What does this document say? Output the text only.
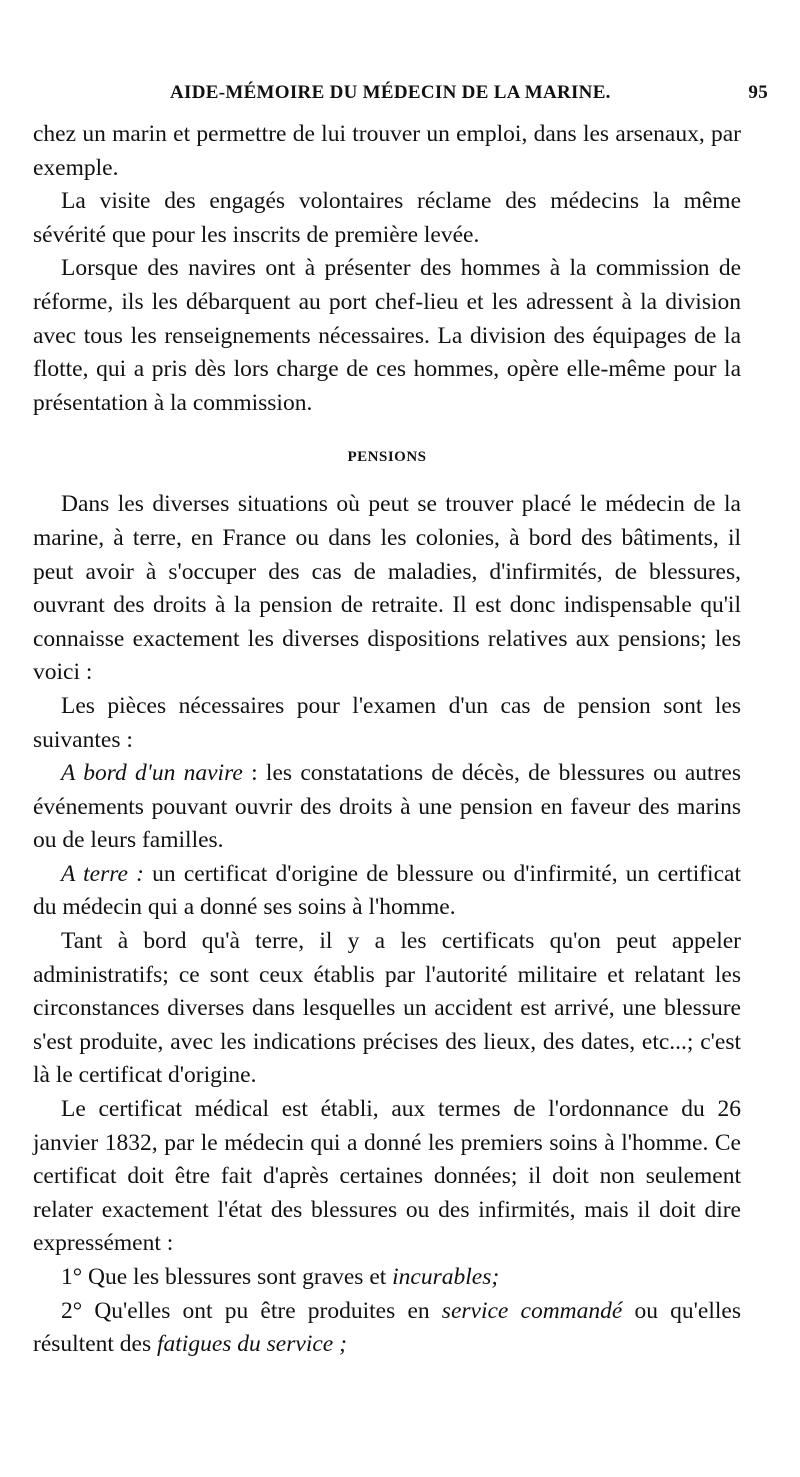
AIDE-MÉMOIRE DU MÉDECIN DE LA MARINE.	95

chez un marin et permettre de lui trouver un emploi, dans les arsenaux, par exemple.

La visite des engagés volontaires réclame des médecins la même sévérité que pour les inscrits de première levée.

Lorsque des navires ont à présenter des hommes à la commission de réforme, ils les débarquent au port chef-lieu et les adressent à la division avec tous les renseignements nécessaires. La division des équipages de la flotte, qui a pris dès lors charge de ces hommes, opère elle-même pour la présentation à la commission.

PENSIONS

Dans les diverses situations où peut se trouver placé le médecin de la marine, à terre, en France ou dans les colonies, à bord des bâtiments, il peut avoir à s'occuper des cas de maladies, d'infirmités, de blessures, ouvrant des droits à la pension de retraite. Il est donc indispensable qu'il connaisse exactement les diverses dispositions relatives aux pensions; les voici :

Les pièces nécessaires pour l'examen d'un cas de pension sont les suivantes :

A bord d'un navire : les constatations de décès, de blessures ou autres événements pouvant ouvrir des droits à une pension en faveur des marins ou de leurs familles.

A terre : un certificat d'origine de blessure ou d'infirmité, un certificat du médecin qui a donné ses soins à l'homme.

Tant à bord qu'à terre, il y a les certificats qu'on peut appeler administratifs; ce sont ceux établis par l'autorité militaire et relatant les circonstances diverses dans lesquelles un accident est arrivé, une blessure s'est produite, avec les indications précises des lieux, des dates, etc...; c'est là le certificat d'origine.

Le certificat médical est établi, aux termes de l'ordonnance du 26 janvier 1832, par le médecin qui a donné les premiers soins à l'homme. Ce certificat doit être fait d'après certaines données; il doit non seulement relater exactement l'état des blessures ou des infirmités, mais il doit dire expressément :

1° Que les blessures sont graves et incurables;

2° Qu'elles ont pu être produites en service commandé ou qu'elles résultent des fatigues du service ;
